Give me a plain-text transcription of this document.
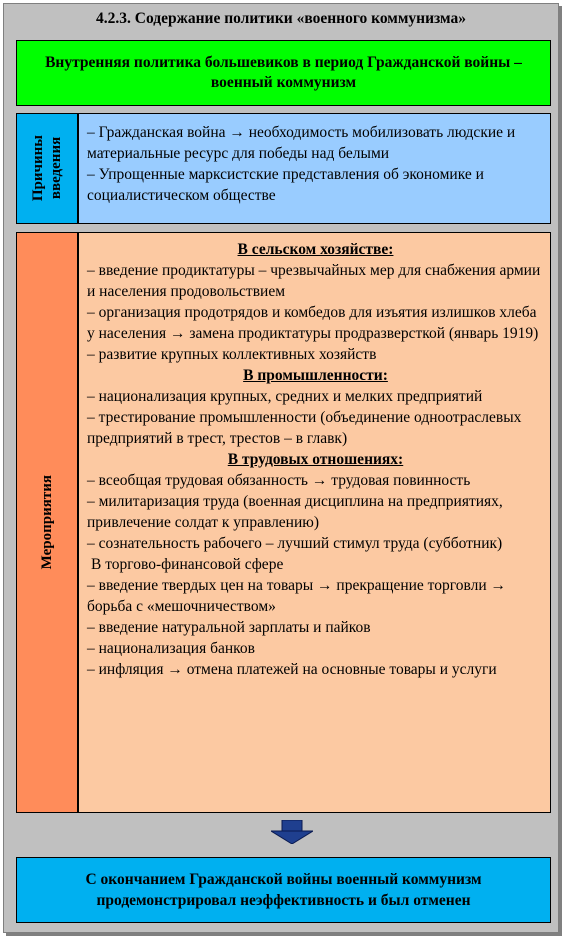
4.2.3. Содержание политики «военного коммунизма»
Внутренняя политика большевиков в период Гражданской войны – военный коммунизм
Причины
введения

– Гражданская война → необходимость мобилизовать людские и материальные ресурс для победы над белыми

– Упрощенные марксистские представления об экономике и социалистическом обществе

Мероприятия

В сельском хозяйстве:

– введение продиктатуры – чрезвычайных мер для снабжения армии и населения продовольствием

– организация продотрядов и комбедов для изъятия излишков хлеба у населения → замена продиктатуры продразверсткой (январь 1919)

– развитие крупных коллективных хозяйств

В промышленности:

– национализация крупных, средних и мелких предприятий

– трестирование промышленности (объединение одноотраслевых предприятий в трест, трестов – в главк)

В трудовых отношениях:

– всеобщая трудовая обязанность → трудовая повинность

– милитаризация труда (военная дисциплина на предприятиях, привлечение солдат к управлению)

– сознательность рабочего – лучший стимул труда (субботник)

В торгово-финансовой сфере

– введение твердых цен на товары → прекращение торговли → борьба с «мешочничеством»

– введение натуральной зарплаты и пайков

– национализация банков

– инфляция → отмена платежей на основные товары и услуги

С окончанием Гражданской войны военный коммунизм продемонстрировал неэффективность и был отменен
